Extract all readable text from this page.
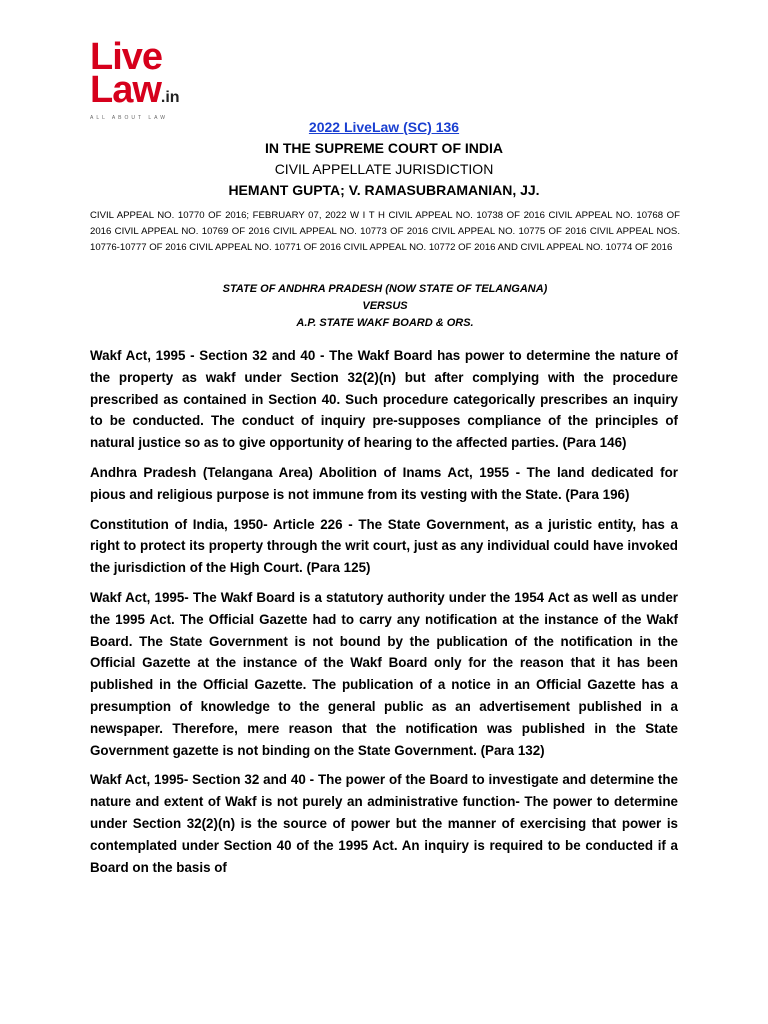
Live
Law.in
ALL ABOUT LAW
2022 LiveLaw (SC) 136
IN THE SUPREME COURT OF INDIA
CIVIL APPELLATE JURISDICTION
HEMANT GUPTA; V. RAMASUBRAMANIAN, JJ.
CIVIL APPEAL NO. 10770 OF 2016; FEBRUARY 07, 2022 W I T H CIVIL APPEAL NO. 10738 OF 2016 CIVIL APPEAL NO. 10768 OF 2016 CIVIL APPEAL NO. 10769 OF 2016 CIVIL APPEAL NO. 10773 OF 2016 CIVIL APPEAL NO. 10775 OF 2016 CIVIL APPEAL NOS. 10776-10777 OF 2016 CIVIL APPEAL NO. 10771 OF 2016 CIVIL APPEAL NO. 10772 OF 2016 AND CIVIL APPEAL NO. 10774 OF 2016
STATE OF ANDHRA PRADESH (NOW STATE OF TELANGANA)
VERSUS
A.P. STATE WAKF BOARD & ORS.

Wakf Act, 1995 - Section 32 and 40 - The Wakf Board has power to determine the nature of the property as wakf under Section 32(2)(n) but after complying with the procedure prescribed as contained in Section 40. Such procedure categorically prescribes an inquiry to be conducted. The conduct of inquiry pre-supposes compliance of the principles of natural justice so as to give opportunity of hearing to the affected parties. (Para 146)

Andhra Pradesh (Telangana Area) Abolition of Inams Act, 1955 - The land dedicated for pious and religious purpose is not immune from its vesting with the State. (Para 196)

Constitution of India, 1950- Article 226 - The State Government, as a juristic entity, has a right to protect its property through the writ court, just as any individual could have invoked the jurisdiction of the High Court. (Para 125)

Wakf Act, 1995- The Wakf Board is a statutory authority under the 1954 Act as well as under the 1995 Act. The Official Gazette had to carry any notification at the instance of the Wakf Board. The State Government is not bound by the publication of the notification in the Official Gazette at the instance of the Wakf Board only for the reason that it has been published in the Official Gazette. The publication of a notice in an Official Gazette has a presumption of knowledge to the general public as an advertisement published in a newspaper. Therefore, mere reason that the notification was published in the State Government gazette is not binding on the State Government. (Para 132)

Wakf Act, 1995- Section 32 and 40 - The power of the Board to investigate and determine the nature and extent of Wakf is not purely an administrative function- The power to determine under Section 32(2)(n) is the source of power but the manner of exercising that power is contemplated under Section 40 of the 1995 Act. An inquiry is required to be conducted if a Board on the basis of
